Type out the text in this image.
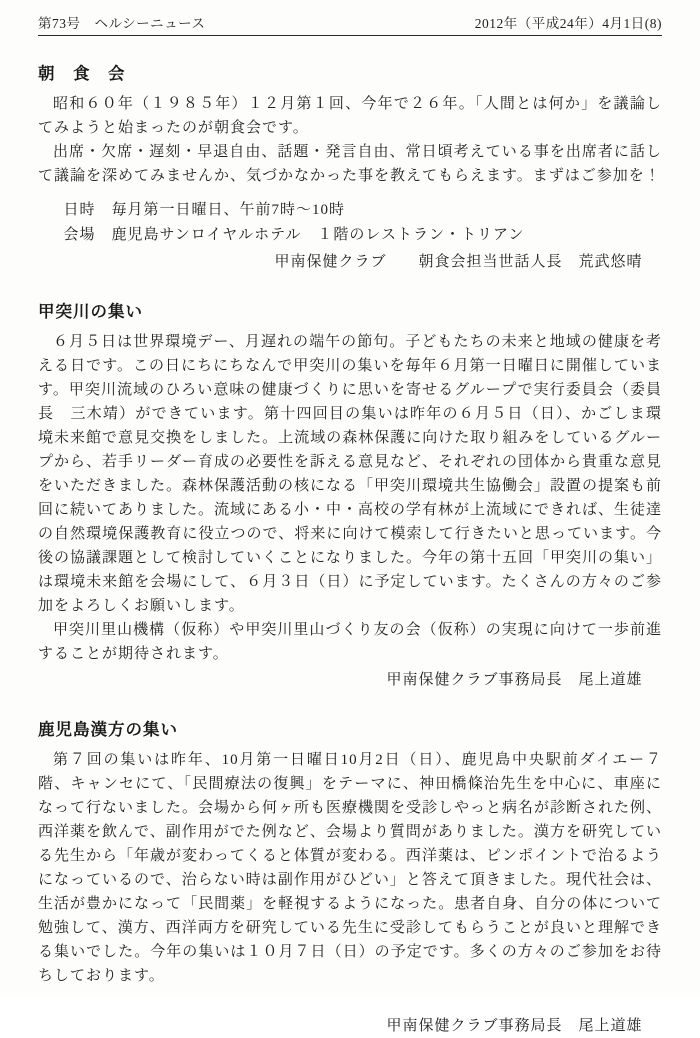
第73号　ヘルシーニュース	2012年（平成24年）4月1日(8)
朝　食　会

昭和６０年（１９８５年）１２月第１回、今年で２６年。「人間とは何か」を議論してみようと始まったのが朝食会です。

出席・欠席・遅刻・早退自由、話題・発言自由、常日頃考えている事を出席者に話して議論を深めてみませんか、気づかなかった事を教えてもらえます。まずはご参加を！

日時　毎月第一日曜日、午前7時～10時

会場　鹿児島サンロイヤルホテル　１階のレストラン・トリアン

甲南保健クラブ　　朝食会担当世話人長　荒武悠晴

甲突川の集い

６月５日は世界環境デー、月遅れの端午の節句。子どもたちの未来と地域の健康を考える日です。この日にちにちなんで甲突川の集いを毎年６月第一日曜日に開催しています。甲突川流域のひろい意味の健康づくりに思いを寄せるグループで実行委員会（委員長　三木靖）ができています。第十四回目の集いは昨年の６月５日（日）、かごしま環境未来館で意見交換をしました。上流域の森林保護に向けた取り組みをしているグループから、若手リーダー育成の必要性を訴える意見など、それぞれの団体から貴重な意見をいただきました。森林保護活動の核になる「甲突川環境共生協働会」設置の提案も前回に続いてありました。流域にある小・中・高校の学有林が上流域にできれば、生徒達の自然環境保護教育に役立つので、将来に向けて模索して行きたいと思っています。今後の協議課題として検討していくことになりました。今年の第十五回「甲突川の集い」は環境未来館を会場にして、６月３日（日）に予定しています。たくさんの方々のご参加をよろしくお願いします。

甲突川里山機構（仮称）や甲突川里山づくり友の会（仮称）の実現に向けて一歩前進することが期待されます。

甲南保健クラブ事務局長　尾上道雄

鹿児島漢方の集い

第７回の集いは昨年、10月第一日曜日10月2日（日）、鹿児島中央駅前ダイエー７階、キャンセにて、「民間療法の復興」をテーマに、神田橋條治先生を中心に、車座になって行ないました。会場から何ヶ所も医療機関を受診しやっと病名が診断された例、西洋薬を飲んで、副作用がでた例など、会場より質問がありました。漢方を研究している先生から「年歳が変わってくると体質が変わる。西洋薬は、ピンポイントで治るようになっているので、治らない時は副作用がひどい」と答えて頂きました。現代社会は、生活が豊かになって「民間薬」を軽視するようになった。患者自身、自分の体について勉強して、漢方、西洋両方を研究している先生に受診してもらうことが良いと理解できる集いでした。今年の集いは１０月７日（日）の予定です。多くの方々のご参加をお待ちしております。

甲南保健クラブ事務局長　尾上道雄
